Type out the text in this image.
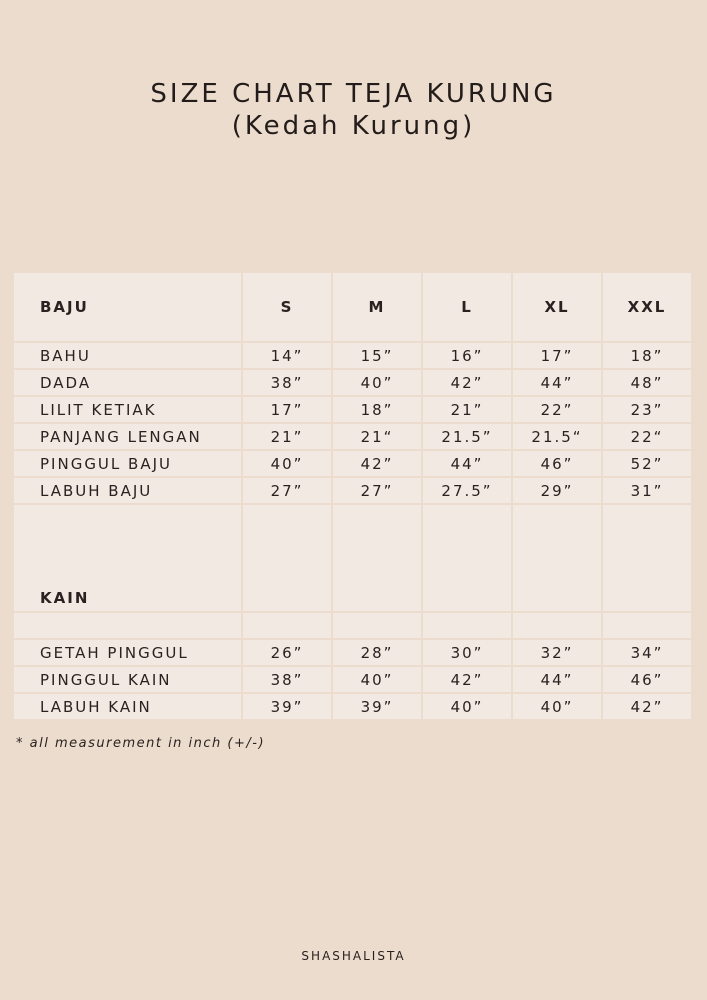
SIZE CHART TEJA KURUNG
(Kedah Kurung)
BAJU	S	M	L	XL	XXL
BAHU	14”	15”	16”	17”	18”
DADA	38”	40”	42”	44”	48”
LILIT KETIAK	17”	18”	21”	22”	23”
PANJANG LENGAN	21”	21“	21.5”	21.5“	22“
PINGGUL BAJU	40”	42”	44”	46”	52”
LABUH BAJU	27”	27”	27.5”	29”	31”
KAIN
GETAH PINGGUL	26”	28”	30”	32”	34”
PINGGUL KAIN	38”	40”	42”	44”	46”
LABUH KAIN	39”	39”	40”	40”	42”
* all measurement in inch (+/-)
SHASHALISTA
